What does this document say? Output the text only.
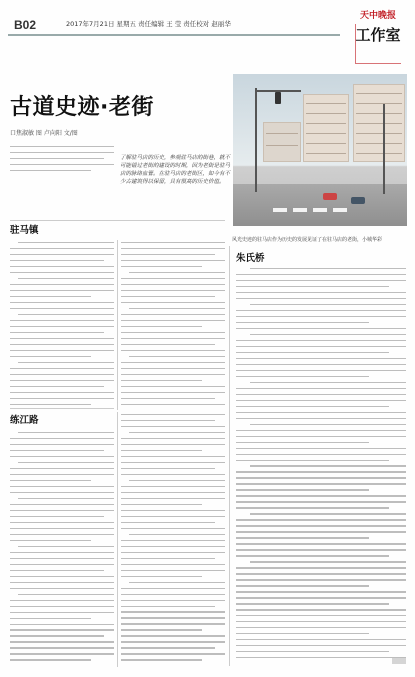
B02	2017年7月21日 星期五 责任编辑 王 莹 责任校对 赵丽华
天中晚报
工作室
古道史迹·老街
口焦淑敏 图 卢向阳 文/图
了解驻马店的历史，参观驻马店的街巷，就不可能错过老街的建设的时期，因为老街是驻马店的脉络血管。在驻马店的老街区，如今有不少古建筑得以保留，具有很高的历史价值。
风光史迹的驻马店作为历史的发展见证了在驻马店的老街，小城华彩
驻马镇
练江路
朱氏桥
